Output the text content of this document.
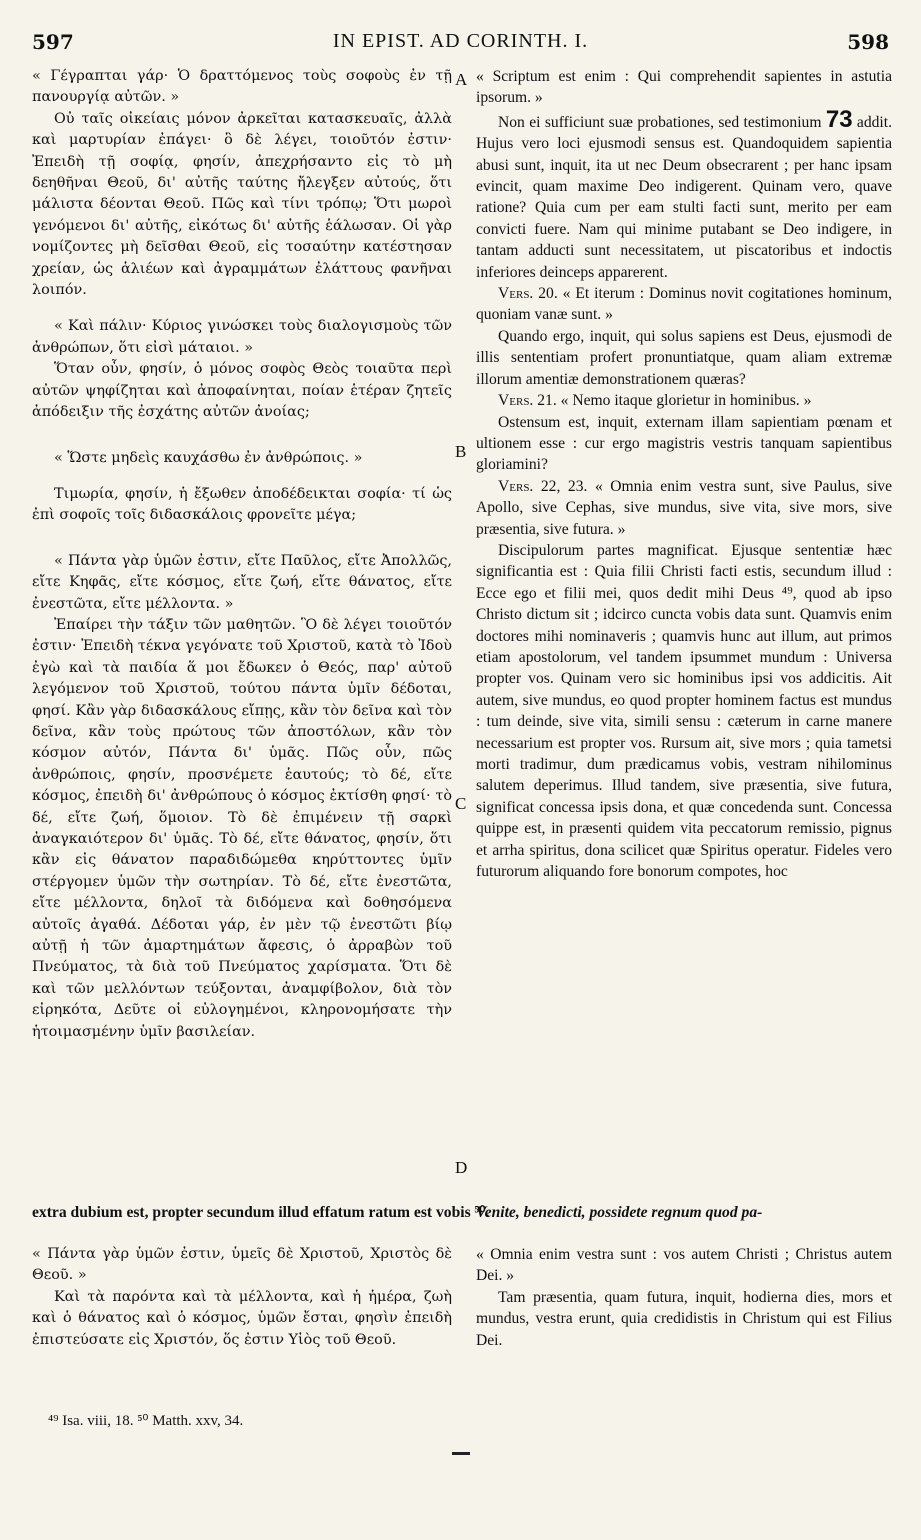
597	IN EPIST. AD CORINTH. I.	598

« Γέγραπται γάρ· Ὁ δραττόμενος τοὺς σοφοὺς ἐν τῇ πανουργίᾳ αὐτῶν. »

Οὐ ταῖς οἰκείαις μόνον ἀρκεῖται κατασκευαῖς, ἀλλὰ καὶ μαρτυρίαν ἐπάγει· ὃ δὲ λέγει, τοιοῦτόν ἐστιν· Ἐπειδὴ τῇ σοφίᾳ, φησίν, ἀπεχρήσαντο εἰς τὸ μὴ δεηθῆναι Θεοῦ, δι' αὐτῆς ταύτης ἤλεγξεν αὐτούς, ὅτι μάλιστα δέονται Θεοῦ. Πῶς καὶ τίνι τρόπῳ; Ὅτι μωροὶ γενόμενοι δι' αὐτῆς, εἰκότως δι' αὐτῆς ἑάλωσαν. Οἱ γὰρ νομίζοντες μὴ δεῖσθαι Θεοῦ, εἰς τοσαύτην κατέστησαν χρείαν, ὡς ἁλιέων καὶ ἀγραμμάτων ἐλάττους φανῆναι λοιπόν.

« Καὶ πάλιν· Κύριος γινώσκει τοὺς διαλογισμοὺς τῶν ἀνθρώπων, ὅτι εἰσὶ μάταιοι. »

Ὅταν οὖν, φησίν, ὁ μόνος σοφὸς Θεὸς τοιαῦτα περὶ αὐτῶν ψηφίζηται καὶ ἀποφαίνηται, ποίαν ἑτέραν ζητεῖς ἀπόδειξιν τῆς ἐσχάτης αὐτῶν ἀνοίας;

« Ὥστε μηδεὶς καυχάσθω ἐν ἀνθρώποις. »

Τιμωρία, φησίν, ἡ ἔξωθεν ἀποδέδεικται σοφία· τί ὡς ἐπὶ σοφοῖς τοῖς διδασκάλοις φρονεῖτε μέγα;

« Πάντα γὰρ ὑμῶν ἐστιν, εἴτε Παῦλος, εἴτε Ἀπολλῶς, εἴτε Κηφᾶς, εἴτε κόσμος, εἴτε ζωή, εἴτε θάνατος, εἴτε ἐνεστῶτα, εἴτε μέλλοντα. »

Ἐπαίρει τὴν τάξιν τῶν μαθητῶν. Ὃ δὲ λέγει τοιοῦτόν ἐστιν· Ἐπειδὴ τέκνα γεγόνατε τοῦ Χριστοῦ, κατὰ τὸ Ἰδοὺ ἐγὼ καὶ τὰ παιδία ἅ μοι ἔδωκεν ὁ Θεός, παρ' αὐτοῦ λεγόμενον τοῦ Χριστοῦ, τούτου πάντα ὑμῖν δέδοται, φησί. Κἂν γὰρ διδασκάλους εἴπῃς, κἂν τὸν δεῖνα καὶ τὸν δεῖνα, κἂν τοὺς πρώτους τῶν ἀποστόλων, κἂν τὸν κόσμον αὐτόν, Πάντα δι' ὑμᾶς. Πῶς οὖν, πῶς ἀνθρώποις, φησίν, προσνέμετε ἑαυτούς; τὸ δέ, εἴτε κόσμος, ἐπειδὴ δι' ἀνθρώπους ὁ κόσμος ἐκτίσθη φησί· τὸ δέ, εἴτε ζωή, ὅμοιον. Τὸ δὲ ἐπιμένειν τῇ σαρκὶ ἀναγκαιότερον δι' ὑμᾶς. Τὸ δέ, εἴτε θάνατος, φησίν, ὅτι κἂν εἰς θάνατον παραδιδώμεθα κηρύττοντες ὑμῖν στέργομεν ὑμῶν τὴν σωτηρίαν. Τὸ δέ, εἴτε ἐνεστῶτα, εἴτε μέλλοντα, δηλοῖ τὰ διδόμενα καὶ δοθησόμενα αὐτοῖς ἀγαθά. Δέδοται γάρ, ἐν μὲν τῷ ἐνεστῶτι βίῳ αὐτῇ ἡ τῶν ἁμαρτημάτων ἄφεσις, ὁ ἀρραβὼν τοῦ Πνεύματος, τὰ διὰ τοῦ Πνεύματος χαρίσματα. Ὅτι δὲ καὶ τῶν μελλόντων τεύξονται, ἀναμφίβολον, διὰ τὸν εἰρηκότα, Δεῦτε οἱ εὐλογημένοι, κληρονομήσατε τὴν ἡτοιμασμένην ὑμῖν βασιλείαν.

« Scriptum est enim : Qui comprehendit sapientes in astutia ipsorum. »

Non ei sufficiunt suæ probationes, sed testimonium 73 addit. Hujus vero loci ejusmodi sensus est. Quandoquidem sapientia abusi sunt, inquit, ita ut nec Deum obsecrarent ; per hanc ipsam evincit, quam maxime Deo indigerent. Quinam vero, quave ratione? Quia cum per eam stulti facti sunt, merito per eam convicti fuere. Nam qui minime putabant se Deo indigere, in tantam adducti sunt necessitatem, ut piscatoribus et indoctis inferiores deinceps apparerent.

Vers. 20. « Et iterum : Dominus novit cogitationes hominum, quoniam vanæ sunt. »

Quando ergo, inquit, qui solus sapiens est Deus, ejusmodi de illis sententiam profert pronuntiatque, quam aliam extremæ illorum amentiæ demonstrationem quæras?

Vers. 21. « Nemo itaque glorietur in hominibus. »

Ostensum est, inquit, externam illam sapientiam pœnam et ultionem esse : cur ergo magistris vestris tanquam sapientibus gloriamini?

Vers. 22, 23. « Omnia enim vestra sunt, sive Paulus, sive Apollo, sive Cephas, sive mundus, sive vita, sive mors, sive præsentia, sive futura. »

Discipulorum partes magnificat. Ejusque sententiæ hæc significantia est : Quia filii Christi facti estis, secundum illud : Ecce ego et filii mei, quos dedit mihi Deus ⁴⁹, quod ab ipso Christo dictum sit ; idcirco cuncta vobis data sunt. Quamvis enim doctores mihi nominaveris ; quamvis hunc aut illum, aut primos etiam apostolorum, vel tandem ipsummet mundum : Universa propter vos. Quinam vero sic hominibus ipsi vos addicitis. Ait autem, sive mundus, eo quod propter hominem factus est mundus : tum deinde, sive vita, simili sensu : cæterum in carne manere necessarium est propter vos. Rursum ait, sive mors ; quia tametsi morti tradimur, dum prædicamus vobis, vestram nihilominus salutem deperimus. Illud tandem, sive præsentia, sive futura, significat concessa ipsis dona, et quæ concedenda sunt. Concessa quippe est, in præsenti quidem vita peccatorum remissio, pignus et arrha spiritus, dona scilicet quæ Spiritus operatur. Fideles vero futurorum aliquando fore bonorum compotes, hoc

extra dubium est, propter secundum illud effatum ratum est vobis ⁵⁰.
Venite, benedicti, possidete regnum quod pa-

« Πάντα γὰρ ὑμῶν ἐστιν, ὑμεῖς δὲ Χριστοῦ, Χριστὸς δὲ Θεοῦ. »

Καὶ τὰ παρόντα καὶ τὰ μέλλοντα, καὶ ἡ ἡμέρα, ζωὴ καὶ ὁ θάνατος καὶ ὁ κόσμος, ὑμῶν ἔσται, φησὶν ἐπειδὴ ἐπιστεύσατε εἰς Χριστόν, ὅς ἐστιν Υἱὸς τοῦ Θεοῦ.

« Omnia enim vestra sunt : vos autem Christi ; Christus autem Dei. »

Tam præsentia, quam futura, inquit, hodierna dies, mors et mundus, vestra erunt, quia credidistis in Christum qui est Filius Dei.

A
B
C
D
⁴⁹ Isa. viii, 18. ⁵⁰ Matth. xxv, 34.
